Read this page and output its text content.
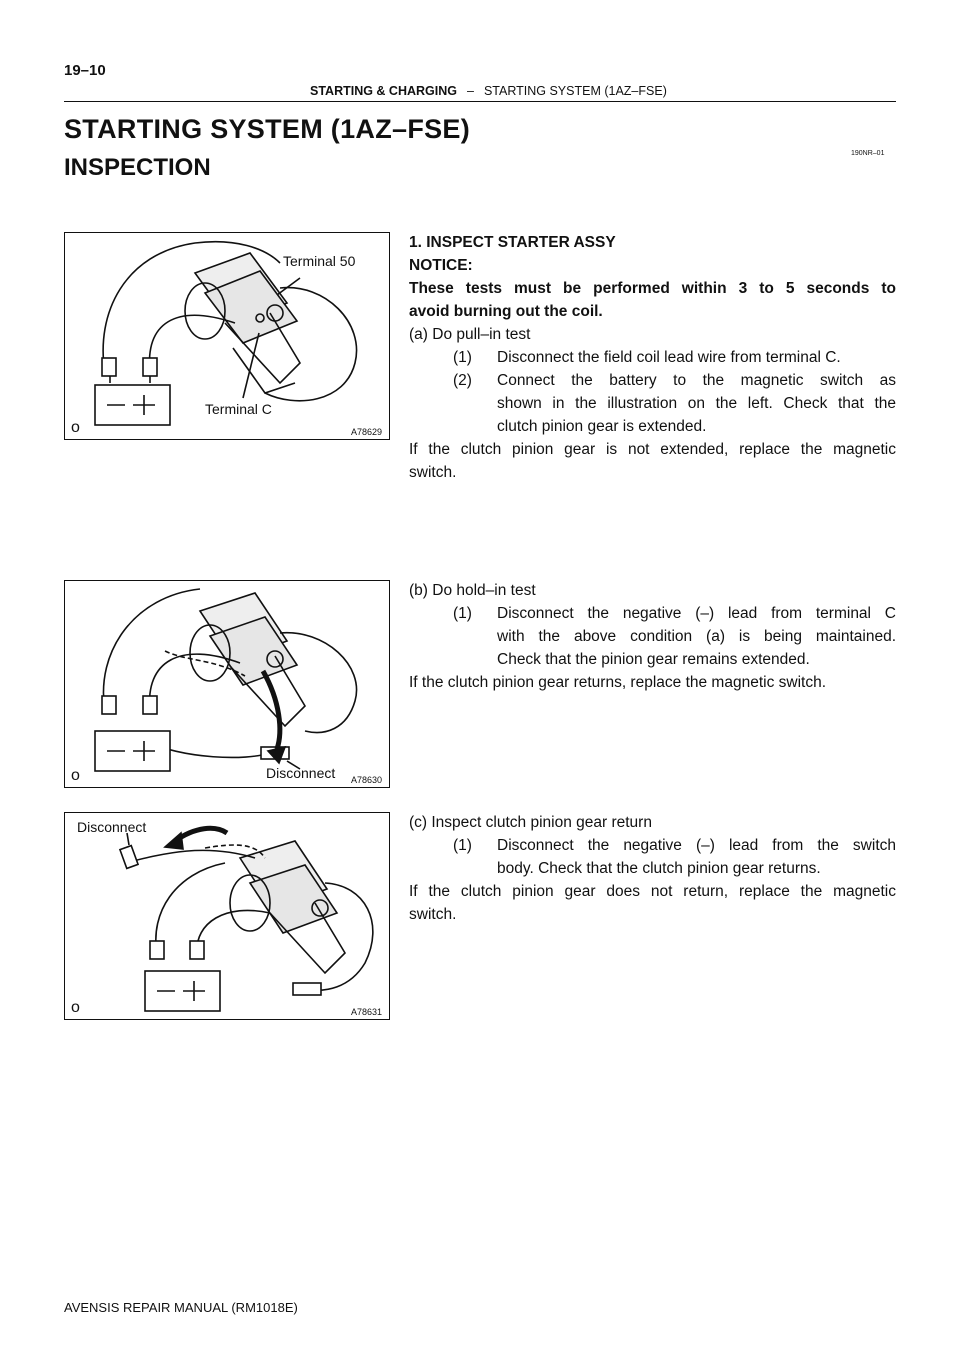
19–10
STARTING & CHARGING – STARTING SYSTEM (1AZ–FSE)
STARTING SYSTEM (1AZ–FSE)
190NR–01
INSPECTION
Terminal 50
Terminal C
o	A78629
Disconnect
o	A78630
Disconnect
o	A78631

1. INSPECT STARTER ASSY

NOTICE:

These tests must be performed within 3 to 5 seconds to

avoid burning out the coil.

(a) Do pull–in test

(1) Disconnect the field coil lead wire from terminal C.

(2) Connect the battery to the magnetic switch as

shown in the illustration on the left. Check that the

clutch pinion gear is extended.

If the clutch pinion gear is not extended, replace the magnetic

switch.

(b) Do hold–in test

(1) Disconnect the negative (–) lead from terminal C

with the above condition (a) is being maintained.

Check that the pinion gear remains extended.

If the clutch pinion gear returns, replace the magnetic switch.

(c) Inspect clutch pinion gear return

(1) Disconnect the negative (–) lead from the switch

body. Check that the clutch pinion gear returns.

If the clutch pinion gear does not return, replace the magnetic

switch.

AVENSIS REPAIR MANUAL (RM1018E)
